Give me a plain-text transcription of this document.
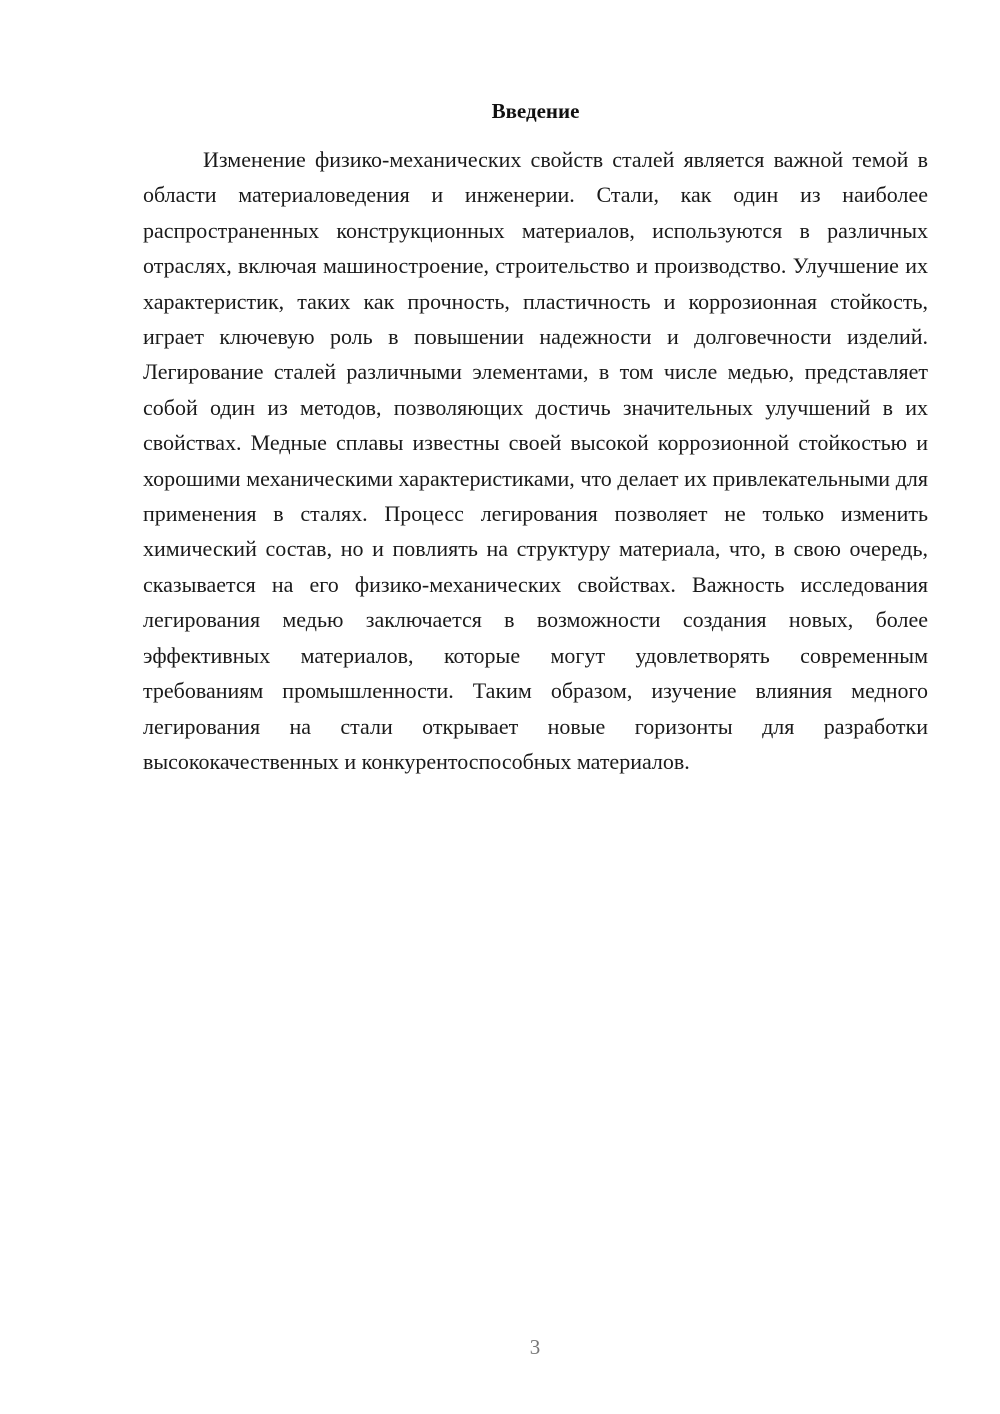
Введение

Изменение физико-механических свойств сталей является важной темой в области материаловедения и инженерии. Стали, как один из наиболее распространенных конструкционных материалов, используются в различных отраслях, включая машиностроение, строительство и производство. Улучшение их характеристик, таких как прочность, пластичность и коррозионная стойкость, играет ключевую роль в повышении надежности и долговечности изделий. Легирование сталей различными элементами, в том числе медью, представляет собой один из методов, позволяющих достичь значительных улучшений в их свойствах. Медные сплавы известны своей высокой коррозионной стойкостью и хорошими механическими характеристиками, что делает их привлекательными для применения в сталях. Процесс легирования позволяет не только изменить химический состав, но и повлиять на структуру материала, что, в свою очередь, сказывается на его физико-механических свойствах. Важность исследования легирования медью заключается в возможности создания новых, более эффективных материалов, которые могут удовлетворять современным требованиям промышленности. Таким образом, изучение влияния медного легирования на стали открывает новые горизонты для разработки высококачественных и конкурентоспособных материалов.

3
